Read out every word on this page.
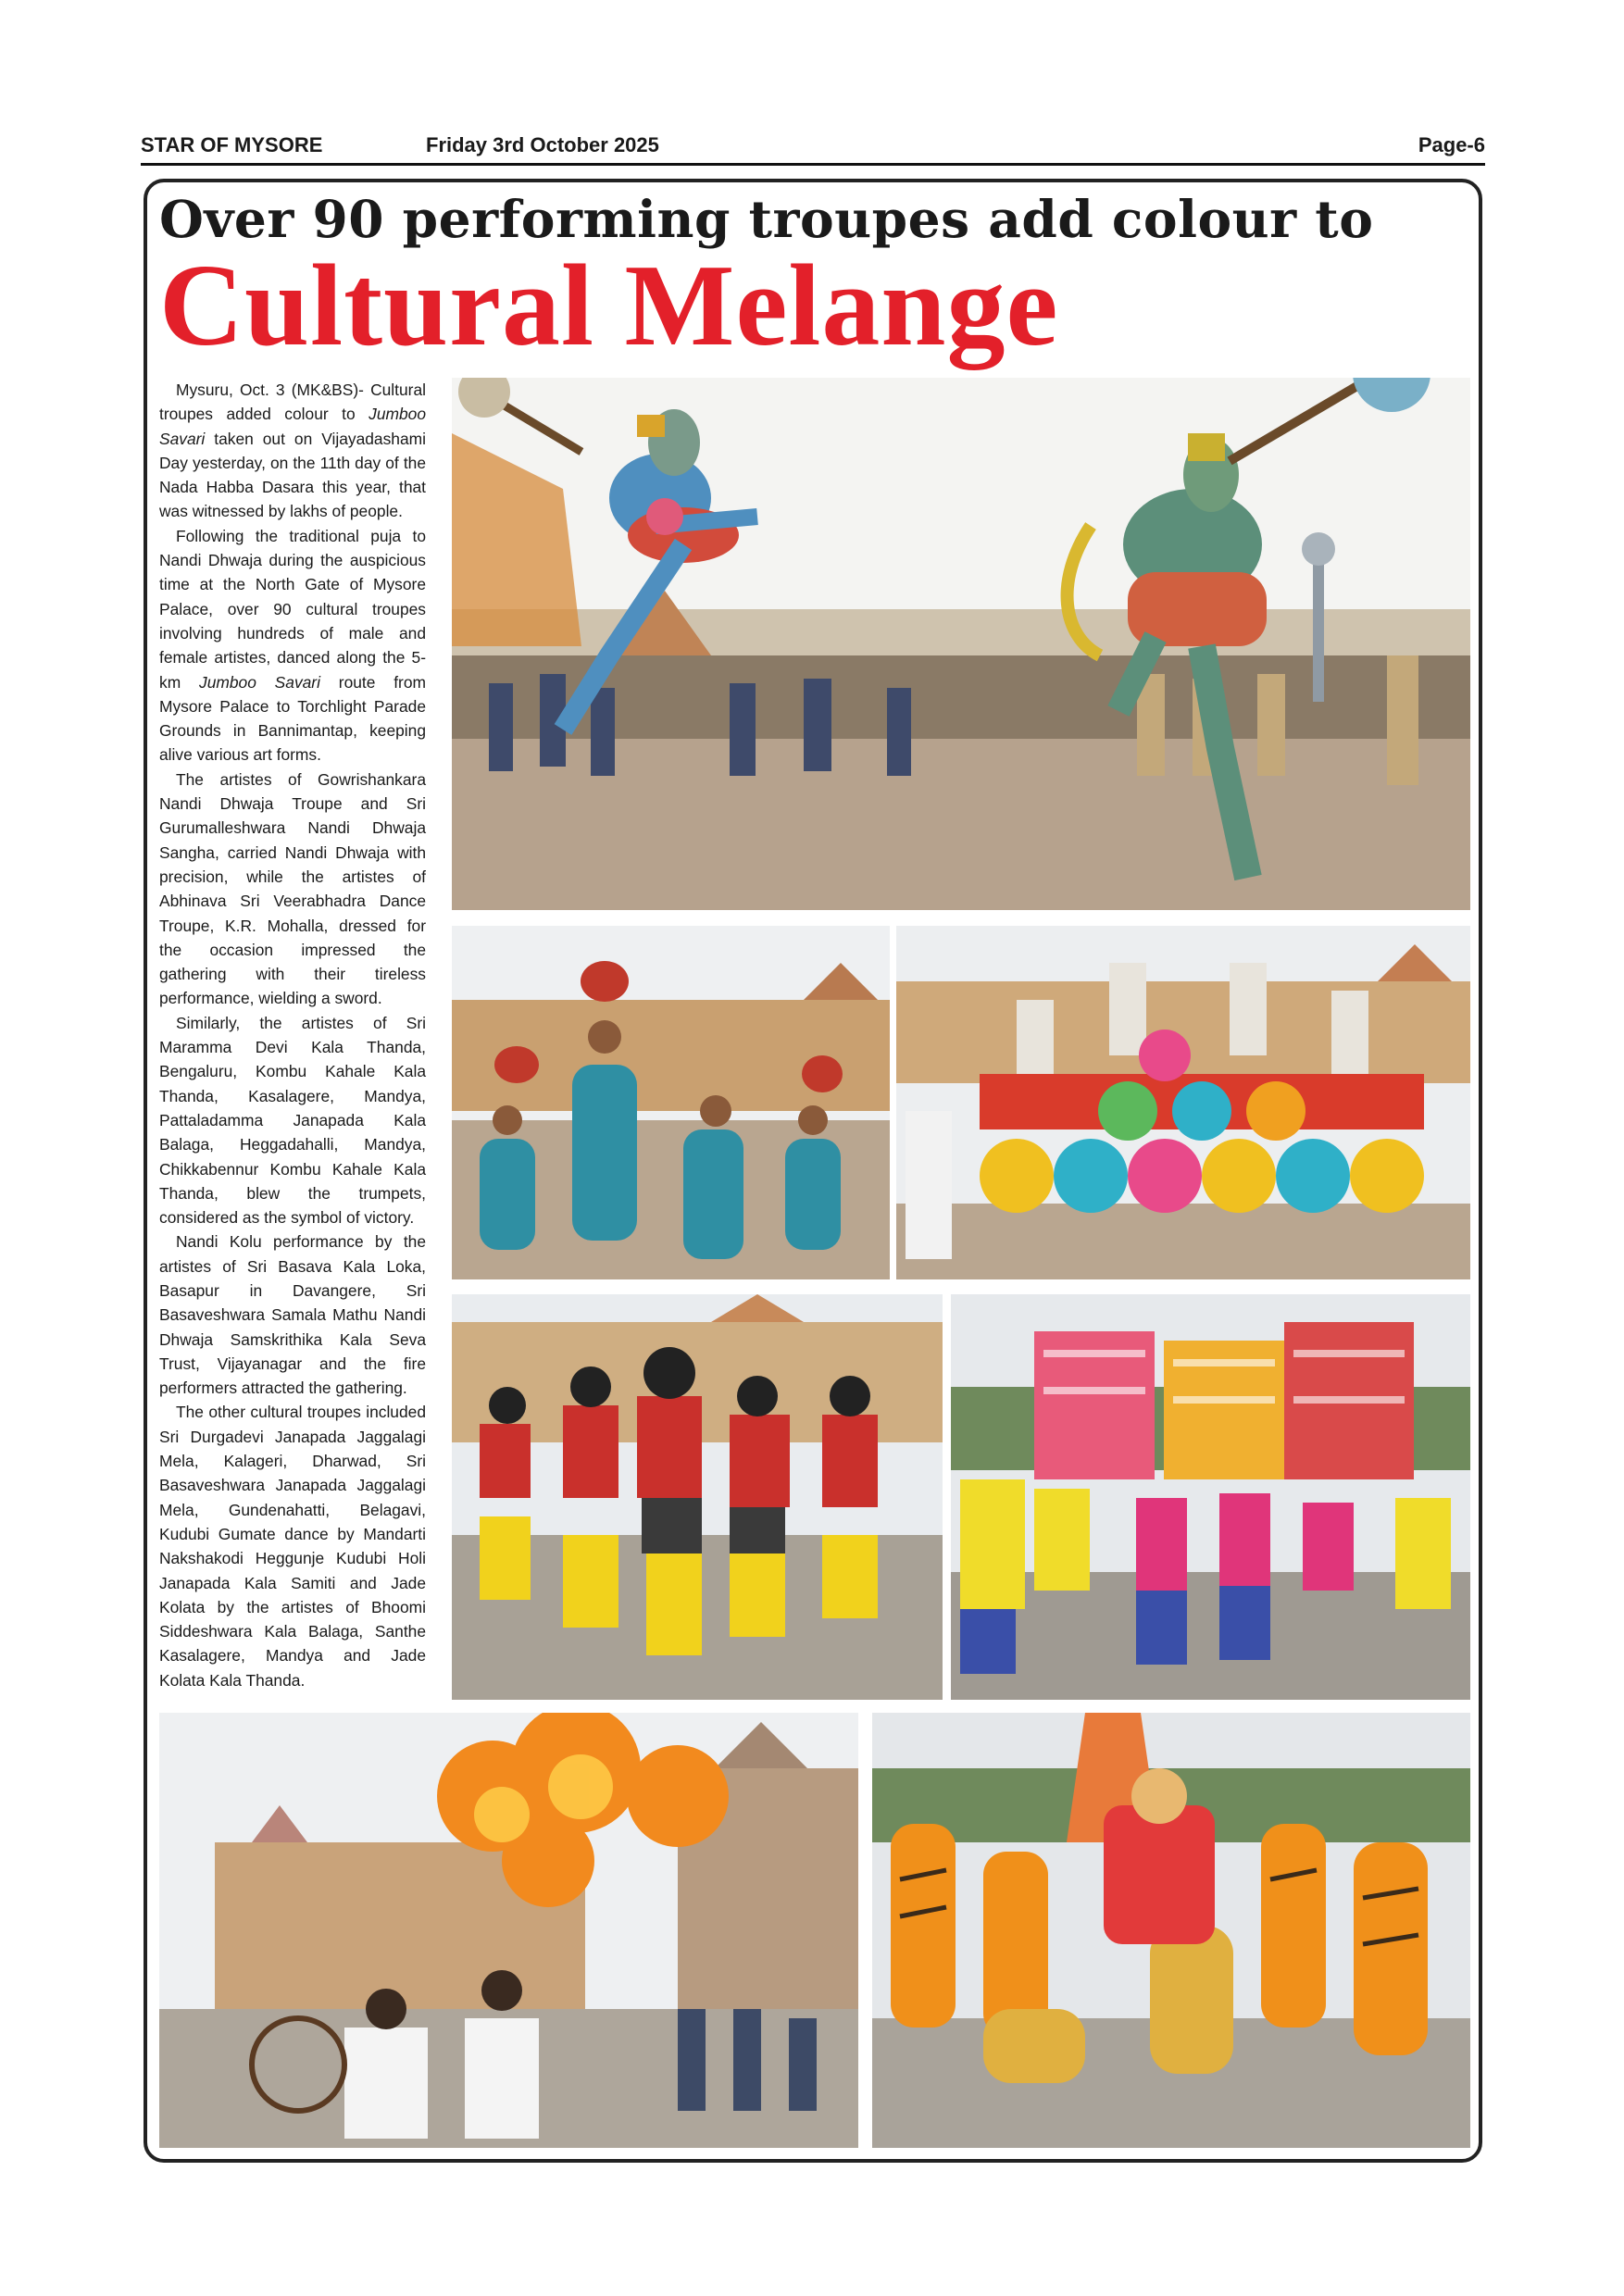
STAR OF MYSORE	Friday 3rd October 2025	Page-6
Over 90 performing troupes add colour to
Cultural Melange

Mysuru, Oct. 3 (MK&BS)- Cultural troupes added colour to Jumboo Savari taken out on Vijayadashami Day yesterday, on the 11th day of the Nada Habba Dasara this year, that was witnessed by lakhs of people.

Following the traditional puja to Nandi Dhwaja during the auspicious time at the North Gate of Mysore Palace, over 90 cultural troupes involving hundreds of male and female artistes, danced along the 5-km Jumboo Savari route from Mysore Palace to Torchlight Parade Grounds in Bannimantap, keeping alive various art forms.

The artistes of Gowrishankara Nandi Dhwaja Troupe and Sri Gurumalleshwara Nandi Dhwaja Sangha, carried Nandi Dhwaja with precision, while the artistes of Abhinava Sri Veerabhadra Dance Troupe, K.R. Mohalla, dressed for the occasion impressed the gathering with their tireless performance, wielding a sword.

Similarly, the artistes of Sri Maramma Devi Kala Thanda, Bengaluru, Kombu Kahale Kala Thanda, Kasalagere, Mandya, Pattaladamma Janapada Kala Balaga, Heggadahalli, Mandya, Chikkabennur Kombu Kahale Kala Thanda, blew the trumpets, considered as the symbol of victory.

Nandi Kolu performance by the artistes of Sri Basava Kala Loka, Basapur in Davangere, Sri Basaveshwara Samala Mathu Nandi Dhwaja Samskrithika Kala Seva Trust, Vijayanagar and the fire performers attracted the gathering.

The other cultural troupes included Sri Durgadevi Janapada Jaggalagi Mela, Kalageri, Dharwad, Sri Basaveshwara Janapada Jaggalagi Mela, Gundenahatti, Belagavi, Kudubi Gumate dance by Mandarti Nakshakodi Heggunje Kudubi Holi Janapada Kala Samiti and Jade Kolata by the artistes of Bhoomi Siddeshwara Kala Balaga, Santhe Kasalagere, Mandya and Jade Kolata Kala Thanda.
